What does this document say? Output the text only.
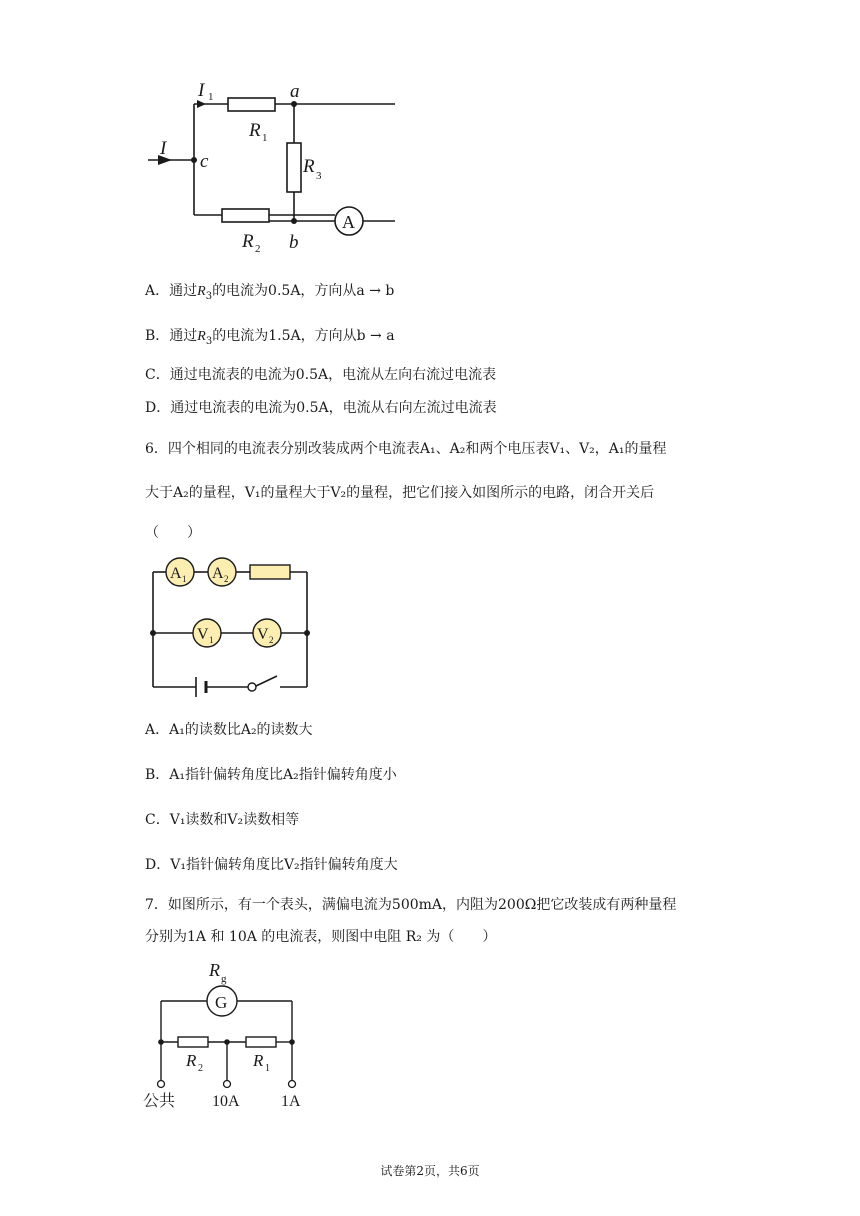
I 1
I
c
a
b
R 1
R 2
R 3
A
A．通过$R_3$的电流为0.5A，方向从a → b
B．通过$R_3$的电流为1.5A，方向从b → a
C．通过电流表的电流为0.5A，电流从左向右流过电流表
D．通过电流表的电流为0.5A，电流从右向左流过电流表
6．四个相同的电流表分别改装成两个电流表A₁、A₂和两个电压表V₁、V₂，A₁的量程
大于A₂的量程，V₁的量程大于V₂的量程，把它们接入如图所示的电路，闭合开关后
（　　）
A 1 A 2
V 1	V 2
A．A₁的读数比A₂的读数大
B．A₁指针偏转角度比A₂指针偏转角度小
C．V₁读数和V₂读数相等
D．V₁指针偏转角度比V₂指针偏转角度大
7．如图所示，有一个表头，满偏电流为500mA，内阻为200Ω把它改装成有两种量程
分别为1A 和 10A 的电流表，则图中电阻 R₂ 为（　　）
R g
G
R 2	R 1
公共 10A	1A
试卷第2页，共6页
